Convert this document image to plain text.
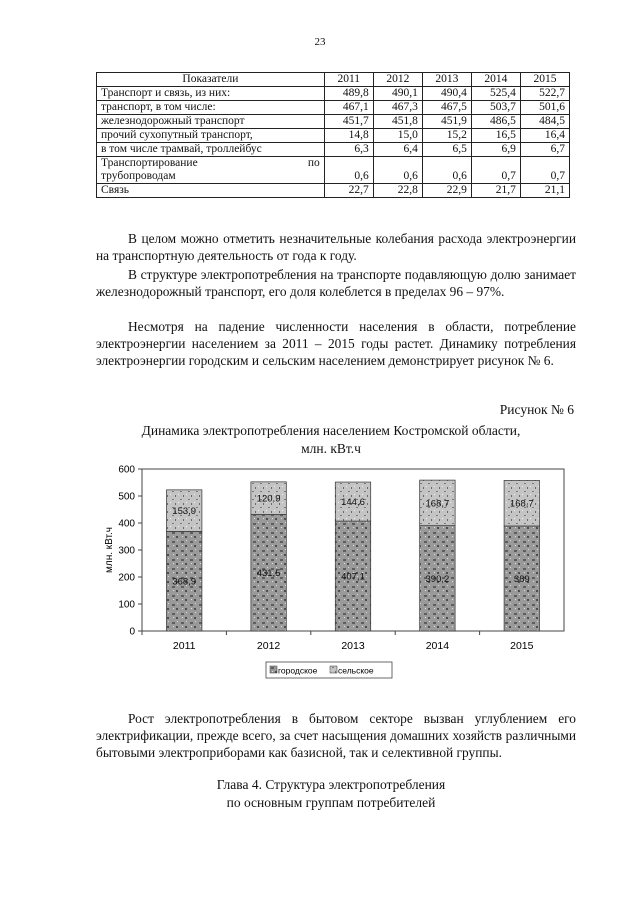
23
Показатели	2011	2012	2013	2014	2015
Транспорт и связь, из них:	489,8	490,1	490,4	525,4	522,7
транспорт, в том числе:	467,1	467,3	467,5	503,7	501,6
железнодорожный транспорт	451,7	451,8	451,9	486,5	484,5
прочий сухопутный транспорт,	14,8	15,0	15,2	16,5	16,4
в том числе трамвай, троллейбус	6,3	6,4	6,5	6,9	6,7

Транспортирование по
трубопроводам	0,6	0,6	0,6	0,7	0,7
Связь	22,7	22,8	22,9	21,7	21,1
В целом можно отметить незначительные колебания расхода электроэнергии на транспортную деятельность от года к году.
В структуре электропотребления на транспорте подавляющую долю занимает железнодорожный транспорт, его доля колеблется в пределах 96 – 97%.
Несмотря на падение численности населения в области, потребление электроэнергии населением за 2011 – 2015 годы растет. Динамику потребления электроэнергии городским и сельским населением демонстрирует рисунок № 6.
Рисунок № 6
Динамика электропотребления населением Костромской области,
млн. кВт.ч
0
100
200
300
400
500
600
368,9
153,9
431,5
120,9
407,1
144,6
390,2
168,7
389
168,7
2011	2012	2013	2014	2015
млн. кВт.ч
городское сельское
Рост электропотребления в бытовом секторе вызван углублением его электрификации, прежде всего, за счет насыщения домашних хозяйств различными бытовыми электроприборами как базисной, так и селективной группы.
Глава 4. Структура электропотребления
по основным группам потребителей
